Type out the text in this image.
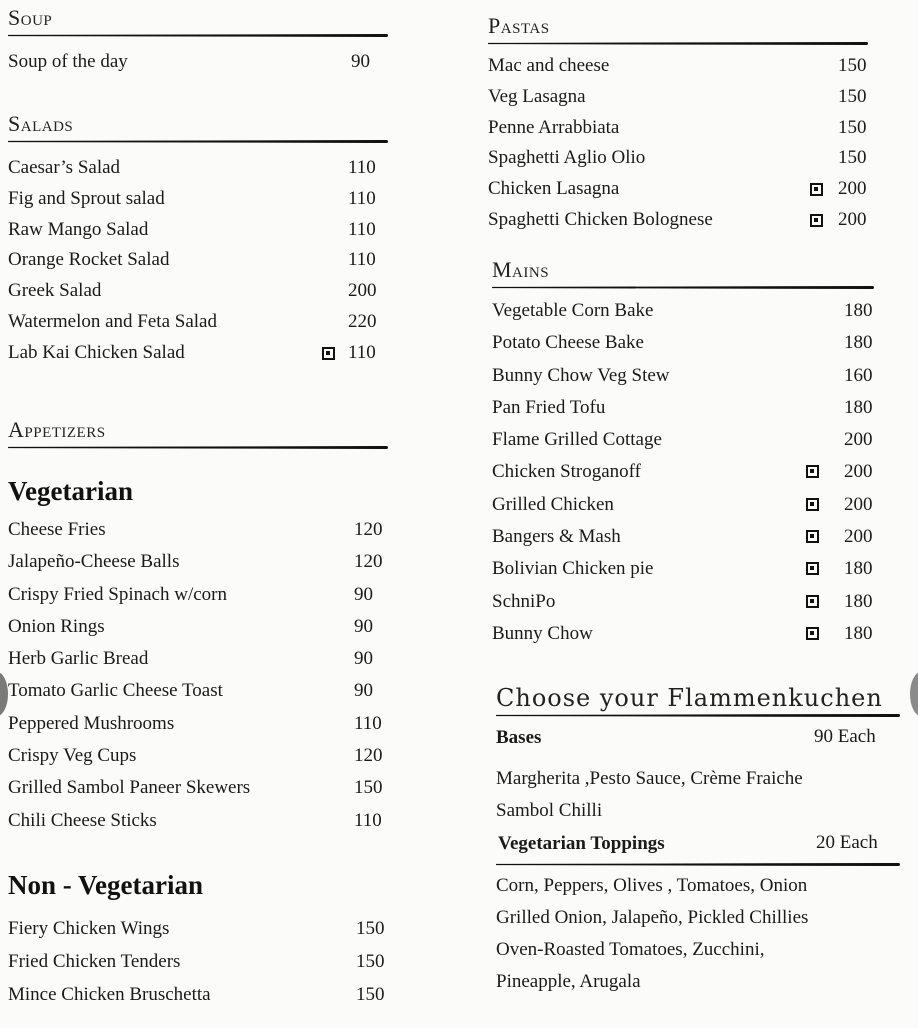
Soup
Soup of the day	90
Salads
Caesar’s Salad	110
Fig and Sprout salad	110
Raw Mango Salad	110
Orange Rocket Salad	110
Greek Salad	200
Watermelon and Feta Salad	220
Lab Kai Chicken Salad	110
Appetizers
Vegetarian
Cheese Fries	120
Jalapeño-Cheese Balls	120
Crispy Fried Spinach w/corn	90
Onion Rings	90
Herb Garlic Bread	90
Tomato Garlic Cheese Toast	90
Peppered Mushrooms	110
Crispy Veg Cups	120
Grilled Sambol Paneer Skewers	150
Chili Cheese Sticks	110
Non - Vegetarian
Fiery Chicken Wings	150
Fried Chicken Tenders	150
Mince Chicken Bruschetta	150
Pastas
Mac and cheese	150
Veg Lasagna	150
Penne Arrabbiata	150
Spaghetti Aglio Olio	150
Chicken Lasagna	200
Spaghetti Chicken Bolognese	200
Mains
Vegetable Corn Bake	180
Potato Cheese Bake	180
Bunny Chow Veg Stew	160
Pan Fried Tofu	180
Flame Grilled Cottage	200
Chicken Stroganoff	200
Grilled Chicken	200
Bangers & Mash	200
Bolivian Chicken pie	180
SchniPo	180
Bunny Chow	180
Choose your Flammenkuchen
Bases	90 Each
Margherita ,Pesto Sauce, Crème Fraiche
Sambol Chilli
Vegetarian Toppings	20 Each
Corn, Peppers, Olives , Tomatoes, Onion
Grilled Onion, Jalapeño, Pickled Chillies
Oven-Roasted Tomatoes, Zucchini,
Pineapple, Arugala
